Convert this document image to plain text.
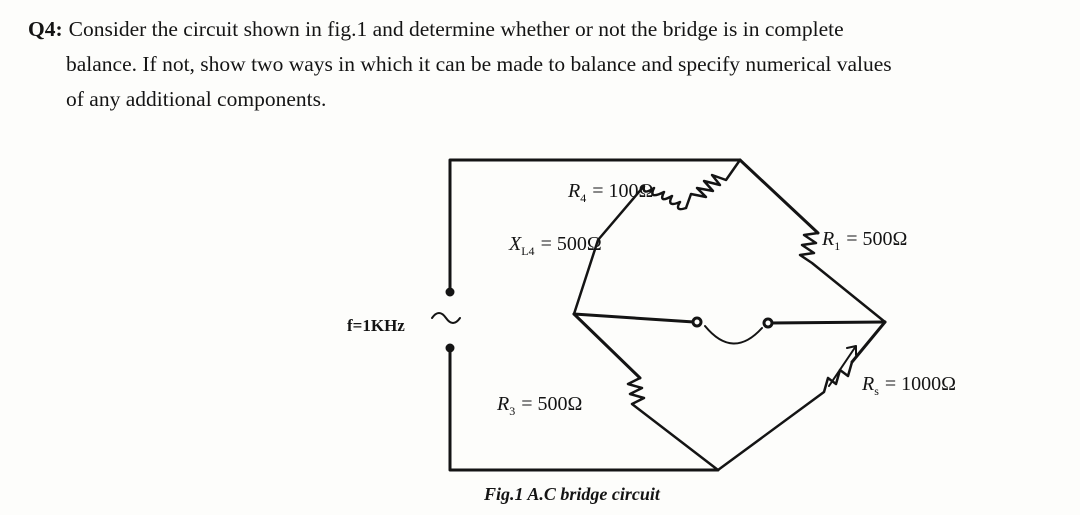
Q4: Consider the circuit shown in fig.1 and determine whether or not the bridge is in complete
balance. If not, show two ways in which it can be made to balance and specify numerical values
of any additional components.
f=1KHz
$R_4 = 100\Omega$
$X_{L4} = 500\Omega$	$R_1 = 500\Omega$
$R_3 = 500\Omega$
$R_s = 1000\Omega$
Fig.1 A.C bridge circuit
